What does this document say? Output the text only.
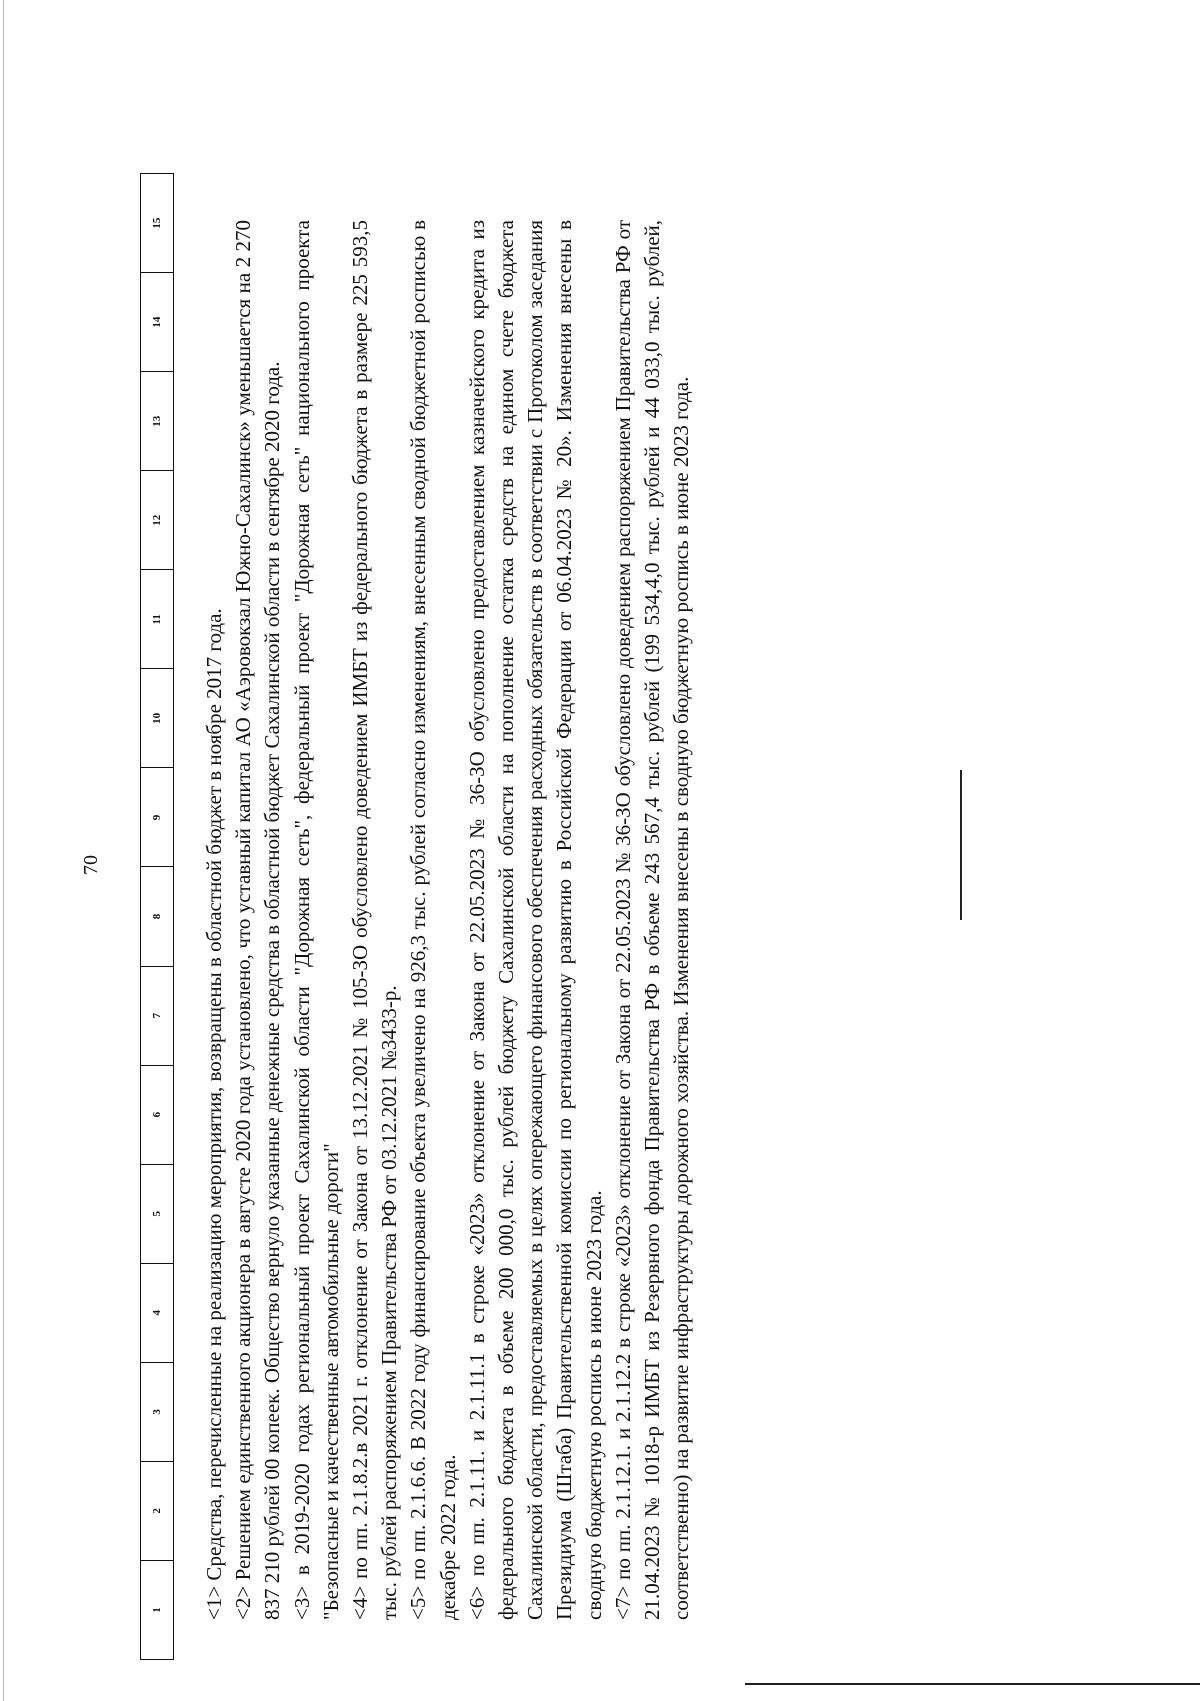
1
2
3
4
5
6
7
8
9
10
11
12
13
14
15
70	<1> Средства, перечисленные на реализацию мероприятия, возвращены в областной бюджет в ноябре 2017 года. <2> Решением единственного акционера в августе 2020 года установлено, что уставный капитал АО «Аэровокзал Южно-Сахалинск» уменьшается на 2 270 837 210 рублей 00 копеек. Общество вернуло указанные денежные средства в областной бюджет Сахалинской области в сентябре 2020 года. <3> в 2019-2020 годах региональный проект Сахалинской области "Дорожная сеть", федеральный проект "Дорожная сеть" национального проекта "Безопасные и качественные автомобильные дороги" <4> по пп. 2.1.8.2.в 2021 г. отклонение от Закона от 13.12.2021 № 105-ЗО обусловлено доведением ИМБТ из федерального бюджета в размере 225 593,5 тыс. рублей распоряжением Правительства РФ от 03.12.2021 №3433-р. <5> по пп. 2.1.6.6. В 2022 году финансирование объекта увеличено на 926,3 тыс. рублей согласно изменениям, внесенным сводной бюджетной росписью в декабре 2022 года. <6> по пп. 2.1.11. и 2.1.11.1 в строке «2023» отклонение от Закона от 22.05.2023 № 36-ЗО обусловлено предоставлением казначейского кредита из федерального бюджета в объеме 200 000,0 тыс. рублей бюджету Сахалинской области на пополнение остатка средств на едином счете бюджета Сахалинской области, предоставляемых в целях опережающего финансового обеспечения расходных обязательств в соответствии с Протоколом заседания Президиума (Штаба) Правительственной комиссии по региональному развитию в Российской Федерации от 06.04.2023 № 20». Изменения внесены в сводную бюджетную роспись в июне 2023 года. <7> по пп. 2.1.12.1. и 2.1.12.2 в строке «2023» отклонение от Закона от 22.05.2023 № 36-ЗО обусловлено доведением распоряжением Правительства РФ от 21.04.2023 № 1018-р ИМБТ из Резервного фонда Правительства РФ в объеме 243 567,4 тыс. рублей (199 534,4,0 тыс. рублей и 44 033,0 тыс. рублей, соответственно) на развитие инфраструктуры дорожного хозяйства. Изменения внесены в сводную бюджетную роспись в июне 2023 года.
